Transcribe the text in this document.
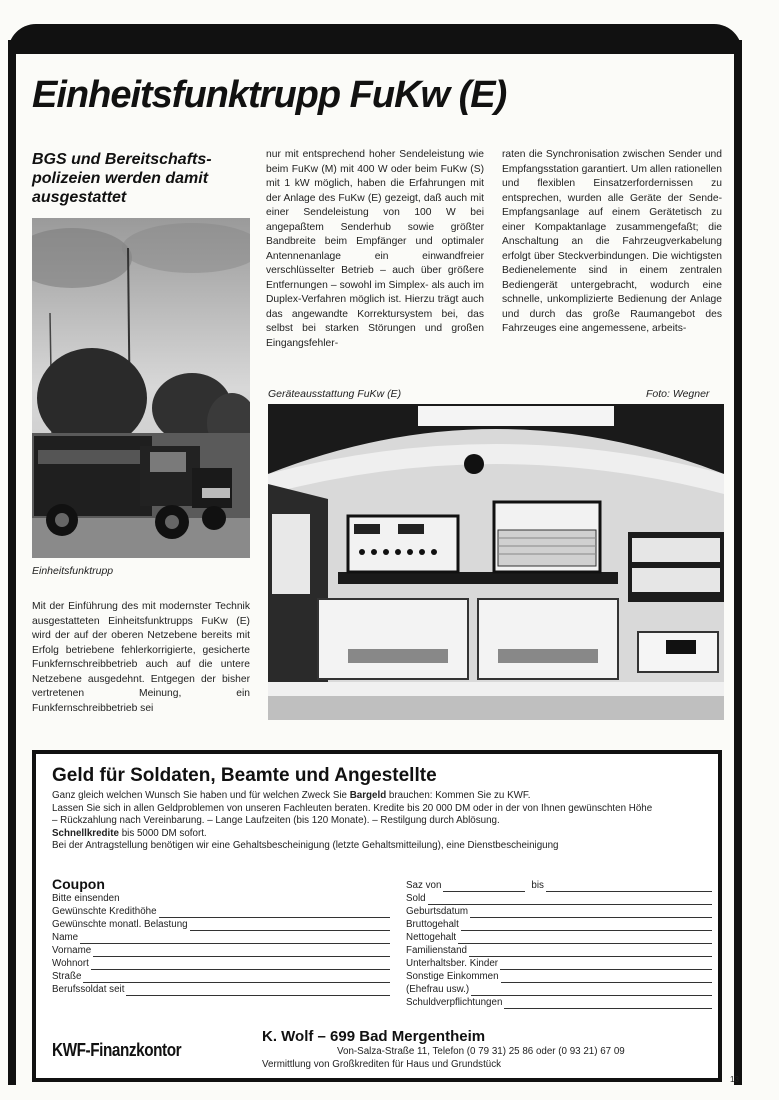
Einheitsfunktrupp FuKw (E)
BGS und Bereitschafts-polizeien werden damit ausgestattet
Einheitsfunktrupp

Mit der Einführung des mit modernster Technik ausgestatteten Einheitsfunktrupps FuKw (E) wird der auf der oberen Netzebene bereits mit Erfolg betriebene fehlerkorrigierte, gesicherte Funkfernschreibbetrieb auch auf die untere Netzebene ausgedehnt. Entgegen der bisher vertretenen Meinung, ein Funkfernschreibbetrieb sei

nur mit entsprechend hoher Sendeleistung wie beim FuKw (M) mit 400 W oder beim FuKw (S) mit 1 kW möglich, haben die Erfahrungen mit der Anlage des FuKw (E) gezeigt, daß auch mit einer Sendeleistung von 100 W bei angepaßtem Senderhub sowie größter Bandbreite beim Empfänger und optimaler Antennenanlage ein einwandfreier verschlüsselter Betrieb – auch über größere Entfernungen – sowohl im Simplex- als auch im Duplex-Verfahren möglich ist. Hierzu trägt auch das angewandte Korrektursystem bei, das selbst bei starken Störungen und großen Eingangsfehler-

raten die Synchronisation zwischen Sender und Empfangsstation garantiert. Um allen rationellen und flexiblen Einsatzerfordernissen zu entsprechen, wurden alle Geräte der Sende-Empfangsanlage auf einem Gerätetisch zu einer Kompaktanlage zusammengefaßt; die Anschaltung an die Fahrzeugverkabelung erfolgt über Steckverbindungen. Die wichtigsten Bedienelemente sind in einem zentralen Bediengerät untergebracht, wodurch eine schnelle, unkomplizierte Bedienung der Anlage und durch das große Raumangebot des Fahrzeuges eine angemessene, arbeits-

Geräteausstattung FuKw (E)	Foto: Wegner
Geld für Soldaten, Beamte und Angestellte
Ganz gleich welchen Wunsch Sie haben und für welchen Zweck Sie Bargeld brauchen: Kommen Sie zu KWF.
Lassen Sie sich in allen Geldproblemen von unseren Fachleuten beraten. Kredite bis 20 000 DM oder in der von Ihnen gewünschten Höhe
– Rückzahlung nach Vereinbarung. – Lange Laufzeiten (bis 120 Monate). – Restilgung durch Ablösung.
Schnellkredite bis 5000 DM sofort.
Bei der Antragstellung benötigen wir eine Gehaltsbescheinigung (letzte Gehaltsmitteilung), eine Dienstbescheinigung
Coupon
Bitte einsenden
Gewünschte Kredithöhe
Gewünschte monatl. Belastung
Name
Vorname
Wohnort
Straße
Berufssoldat seit
Saz von	bis
Sold
Geburtsdatum
Bruttogehalt
Nettogehalt
Familienstand
Unterhaltsber. Kinder
Sonstige Einkommen
(Ehefrau usw.)
Schuldverpflichtungen
KWF-Finanzkontor
K. Wolf – 699 Bad Mergentheim
Von-Salza-Straße 11, Telefon (0 79 31) 25 86 oder (0 93 21) 67 09
Vermittlung von Großkrediten für Haus und Grundstück
13
